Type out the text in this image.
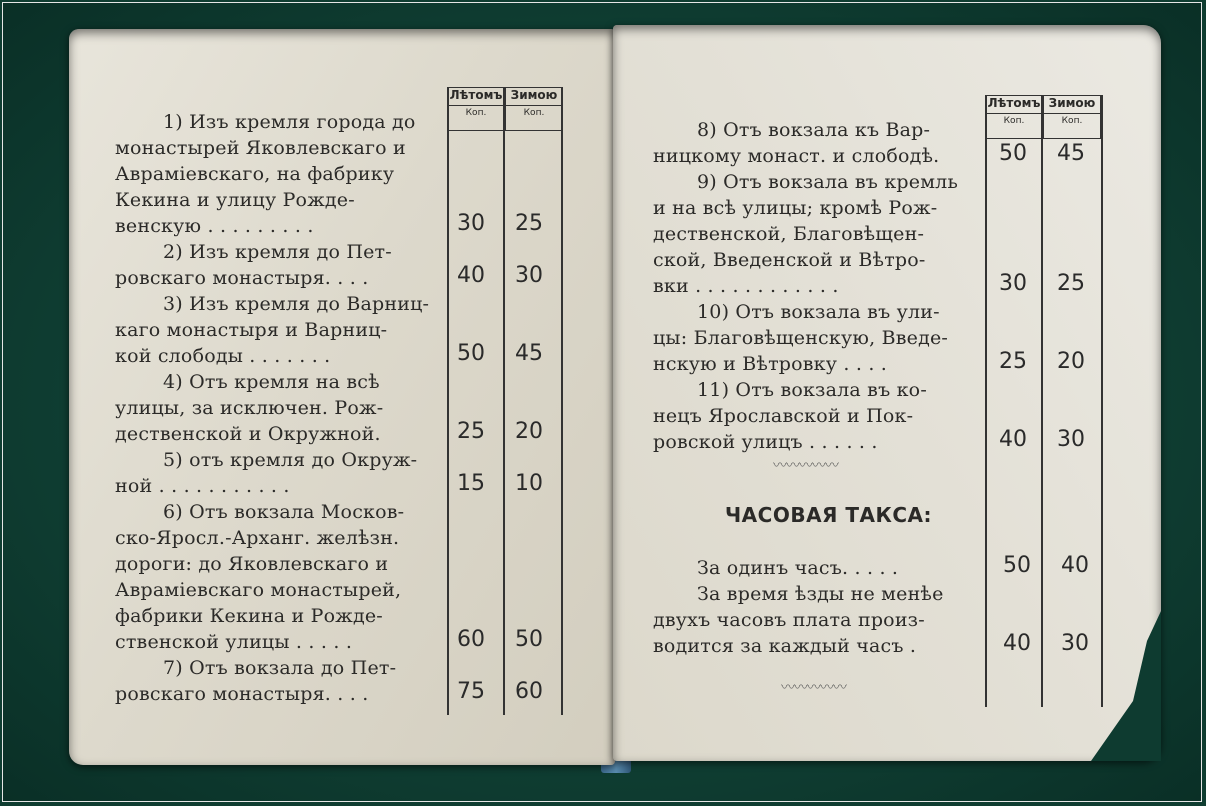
Лѣтомъ
Коп.
Зимою
Коп.
1) Изъ кремля города до
монастырей Яковлевскаго и
Авраміевскаго, на фабрику
Кекина и улицу Рожде-
венскую . . . . . . . . .	30 25
2) Изъ кремля до Пет-
ровскаго монастыря. . . .	40 30
3) Изъ кремля до Варниц-
каго монастыря и Варниц-
кой слободы . . . . . . .	50 45
4) Отъ кремля на всѣ
улицы, за исключен. Рож-
дественской и Окружной.	25 20
5) отъ кремля до Окруж-
ной . . . . . . . . . . .	15 10
6) Отъ вокзала Москов-
ско-Яросл.-Арханг. желѣзн.
дороги: до Яковлевскаго и
Авраміевскаго монастырей,
фабрики Кекина и Рожде-
ственской улицы . . . . .	60 50
7) Отъ вокзала до Пет-
ровскаго монастыря. . . .	75 60
Лѣтомъ
Коп.
Зимою
Коп.
8) Отъ вокзала къ Вар-
ницкому монаст. и слободѣ.	50 45
9) Отъ вокзала въ кремль
и на всѣ улицы; кромѣ Рож-
дественской, Благовѣщен-
ской, Введенской и Вѣтро-
вки . . . . . . . . . . . .	30 25
10) Отъ вокзала въ ули-
цы: Благовѣщенскую, Введе-
нскую и Вѣтровку . . . .	25 20
11) Отъ вокзала въ ко-
нецъ Ярославской и Пок-
ровской улицъ . . . . . .	40 30
〰〰〰〰〰
ЧАСОВАЯ ТАКСА:
За одинъ часъ. . . . .	50 40
За время ѣзды не менѣе
двухъ часовъ плата произ-
водится за каждый часъ .	40 30
〰〰〰〰〰
